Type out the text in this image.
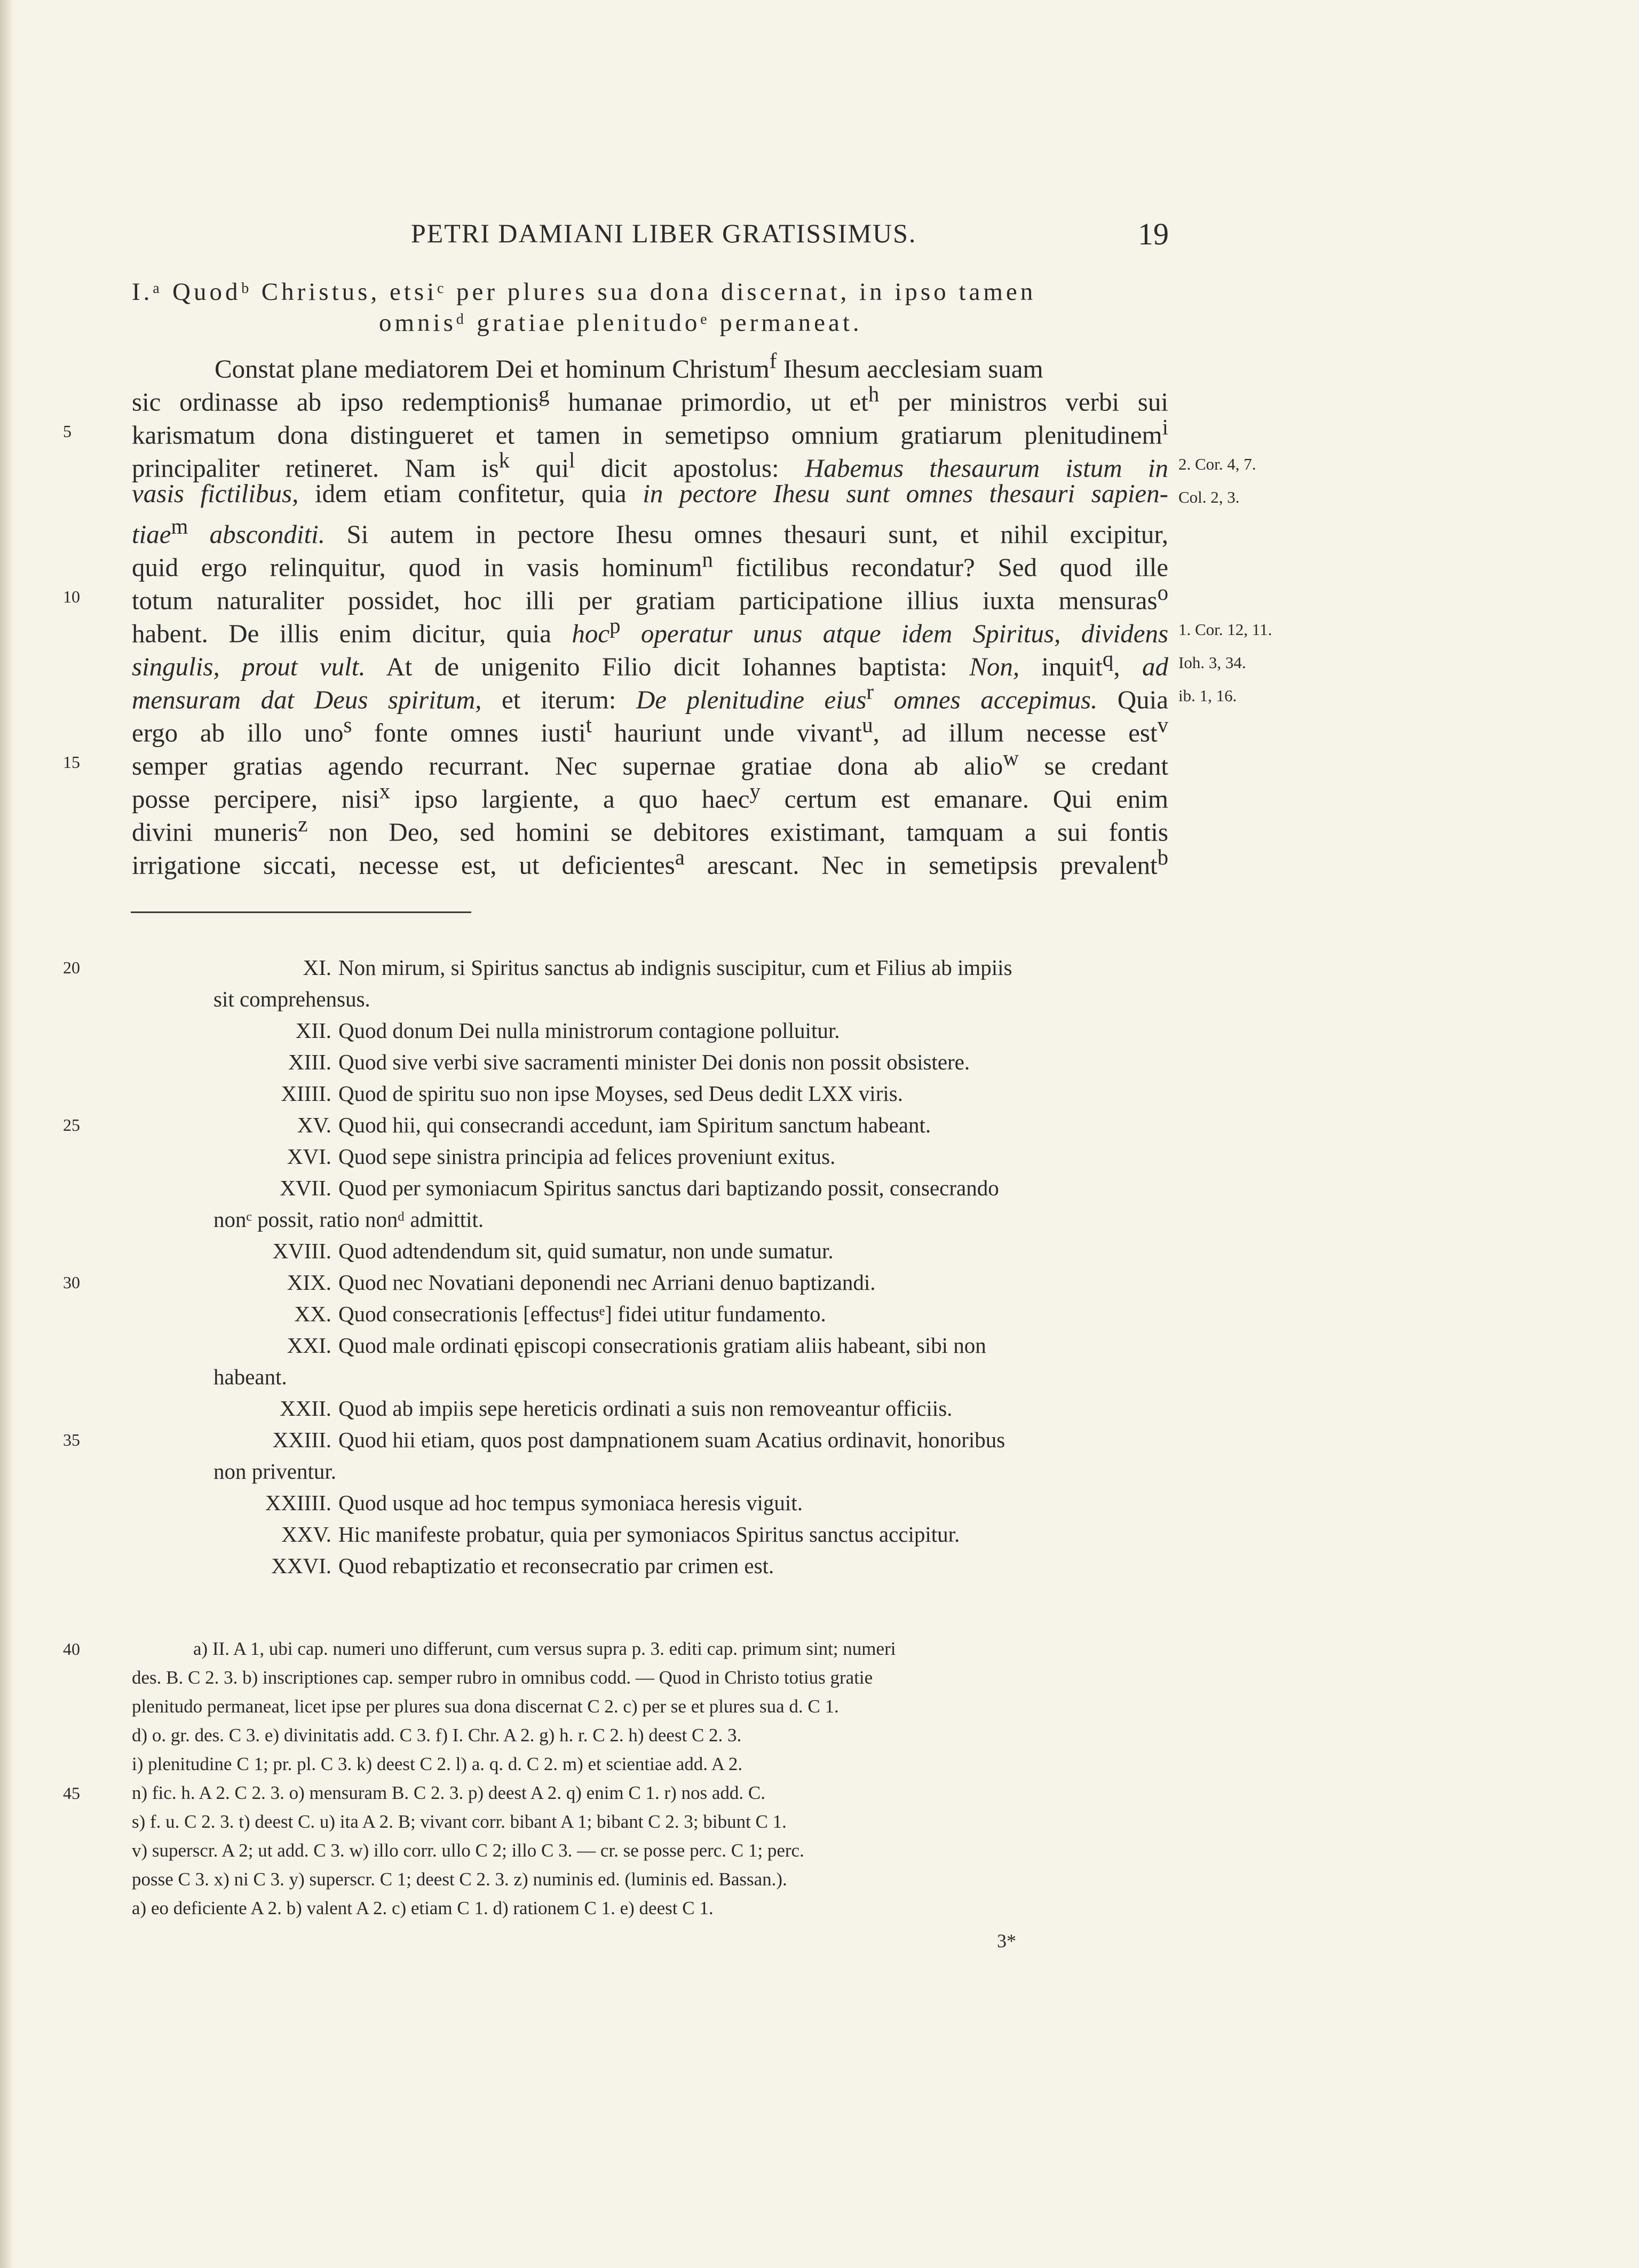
PETRI DAMIANI LIBER GRATISSIMUS.	19
I.ᵃ Quodᵇ Christus, etsiᶜ per plures sua dona discernat, in ipso tamen
omnisᵈ gratiae plenitudoᵉ permaneat.
Constat plane mediatorem Dei et hominum Christum$^f$ Ihesum aecclesiam suam
sic ordinasse ab ipso redemptionis$^g$ humanae primordio, ut $et^h$ per ministros verbi sui
karismatum dona distingueret et tamen in semetipso omnium gratiarum plenitudinem$^i$
principaliter retineret. Nam $is^k$ qui$^l$ dicit apostolus: Habemus thesaurum istum in
vasis fictilibus, idem etiam confitetur, quia in pectore Ihesu sunt omnes thesauri sapien-
tiae$^m$ absconditi. Si autem in pectore Ihesu omnes thesauri sunt, et nihil excipitur,
quid ergo relinquitur, quod in vasis hominum$^n$ fictilibus recondatur? Sed quod ille
totum naturaliter possidet, hoc illi per gratiam participatione illius iuxta mensuras$^o$
habent. De illis enim dicitur, quia hoc$^p$ operatur unus atque idem Spiritus, dividens
singulis, prout vult. At de unigenito Filio dicit Iohannes baptista: Non, inquit$^q$, ad
mensuram dat Deus spiritum, et iterum: De plenitudine eius$^r$ omnes accepimus. Quia
ergo ab illo uno$^s$ fonte omnes iusti$^t$ hauriunt unde vivant$^u$, ad illum necesse est$^v$
semper gratias agendo recurrant. Nec supernae gratiae dona ab alio$^w$ se credant
posse percipere, nisi$^x$ ipso largiente, a quo haec$^y$ certum est emanare. Qui enim
divini muneris$^z$ non Deo, sed homini se debitores existimant, tamquam a sui fontis
irrigatione siccati, necesse est, ut deficientes$^a$ arescant. Nec in semetipsis prevalent$^b$
5
10
15
2. Cor. 4, 7.
Col. 2, 3.
1. Cor. 12, 11.
Ioh. 3, 34.
ib. 1, 16.
XI. Non mirum, si Spiritus sanctus ab indignis suscipitur, cum et Filius ab impiis
sit comprehensus.
XII. Quod donum Dei nulla ministrorum contagione polluitur.
XIII. Quod sive verbi sive sacramenti minister Dei donis non possit obsistere.
XIIII. Quod de spiritu suo non ipse Moyses, sed Deus dedit LXX viris.
XV. Quod hii, qui consecrandi accedunt, iam Spiritum sanctum habeant.
XVI. Quod sepe sinistra principia ad felices proveniunt exitus.
XVII. Quod per symoniacum Spiritus sanctus dari baptizando possit, consecrando
nonᶜ possit, ratio nonᵈ admittit.
XVIII. Quod adtendendum sit, quid sumatur, non unde sumatur.
XIX. Quod nec Novatiani deponendi nec Arriani denuo baptizandi.
XX. Quod consecrationis [effectusᵉ] fidei utitur fundamento.
XXI. Quod male ordinati ępiscopi consecrationis gratiam aliis habeant, sibi non
habeant.
XXII. Quod ab impiis sepe hereticis ordinati a suis non removeantur officiis.
XXIII. Quod hii etiam, quos post dampnationem suam Acatius ordinavit, honoribus
non priventur.
XXIIII. Quod usque ad hoc tempus symoniaca heresis viguit.
XXV. Hic manifeste probatur, quia per symoniacos Spiritus sanctus accipitur.
XXVI. Quod rebaptizatio et reconsecratio par crimen est.
20
25
30
35
a) II. A 1, ubi cap. numeri uno differunt, cum versus supra p. 3. editi cap. primum sint; numeri
des. B. C 2. 3. b) inscriptiones cap. semper rubro in omnibus codd. — Quod in Christo totius gratie
plenitudo permaneat, licet ipse per plures sua dona discernat C 2. c) per se et plures sua d. C 1.
d) o. gr. des. C 3. e) divinitatis add. C 3. f) I. Chr. A 2. g) h. r. C 2. h) deest C 2. 3.
i) plenitudine C 1; pr. pl. C 3. k) deest C 2. l) a. q. d. C 2. m) et scientiae add. A 2.
n) fic. h. A 2. C 2. 3. o) mensuram B. C 2. 3. p) deest A 2. q) enim C 1. r) nos add. C.
s) f. u. C 2. 3. t) deest C. u) ita A 2. B; vivant corr. bibant A 1; bibant C 2. 3; bibunt C 1.
v) superscr. A 2; ut add. C 3. w) illo corr. ullo C 2; illo C 3. — cr. se posse perc. C 1; perc.
posse C 3. x) ni C 3. y) superscr. C 1; deest C 2. 3. z) numinis ed. (luminis ed. Bassan.).
a) eo deficiente A 2. b) valent A 2. c) etiam C 1. d) rationem C 1. e) deest C 1.
40
45
3*
